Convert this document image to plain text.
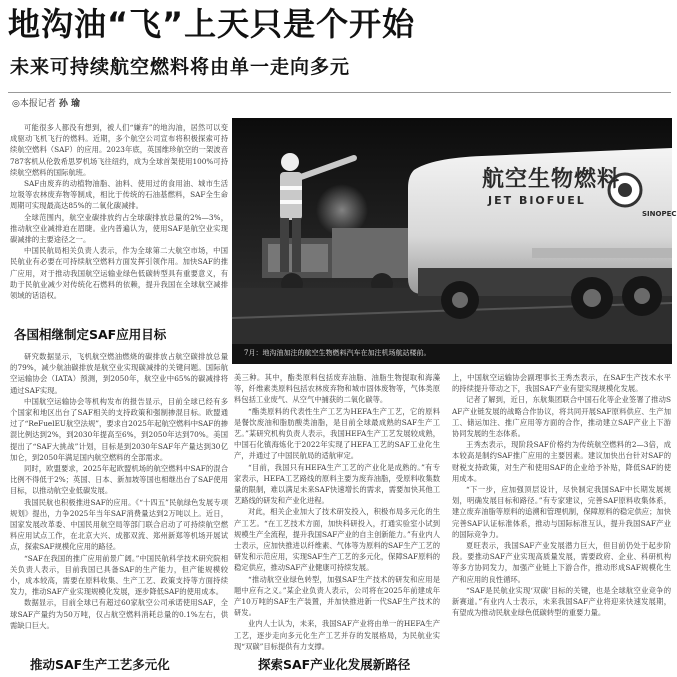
地沟油“飞”上天只是个开始
未来可持续航空燃料将由单一走向多元
◎本报记者 孙 瑜
航空生物燃料
JET BIOFUEL
SINOPEC
7月：地沟油加注的航空生物燃料汽车在加注机场航站楼前。

可能很多人都没有想到，被人们“嫌弃”的地沟油，居然可以变成驱动飞机飞行的燃料。近期，多个航空公司宣布将积极探索可持续航空燃料（SAF）的应用。2023年底，英国维珍航空的一架波音787客机从伦敦希思罗机场飞往纽约，成为全球首架使用100%可持续航空燃料的国际航班。

SAF由废弃的动植物油脂、油料、使用过的食用油、城市生活垃圾等农林废弃物等制成，相比于传统的石油基燃料，SAF全生命周期可实现最高达85%的二氧化碳减排。

全球范围内，航空业碳排放约占全球碳排放总量的2%—3%，推动航空业减排迫在眉睫。业内普遍认为，使用SAF是航空业实现碳减排的主要途径之一。

中国民航局相关负责人表示，作为全球第二大航空市场，中国民航业有必要在可持续航空燃料方面发挥引领作用。加快SAF的推广应用，对于推动我国航空运输业绿色低碳转型具有重要意义，有助于民航业减少对传统化石燃料的依赖，提升我国在全球航空减排领域的话语权。

各国相继制定SAF应用目标

研究数据显示，飞机航空燃油燃烧的碳排放占航空碳排放总量的79%，减少航油碳排放是航空业实现碳减排的关键问题。国际航空运输协会（IATA）预测，到2050年，航空业中65%的碳减排将通过SAF实现。

中国航空运输协会等机构发布的报告显示，目前全球已经有多个国家和地区出台了SAF相关的支持政策和强制掺混目标。欧盟通过了“ReFuelEU航空法规”，要求自2025年起航空燃料中SAF的掺混比例达到2%，到2030年提高至6%，到2050年达到70%。美国提出了“SAF大挑战”计划，目标是到2030年SAF年产量达到30亿加仑，到2050年满足国内航空燃料的全部需求。

同时，欧盟要求，2025年起欧盟机场的航空燃料中SAF的混合比例不得低于2%；英国、日本、新加坡等国也相继出台了SAF使用目标，以推动航空业低碳发展。

我国民航也积极推进SAF的应用。《“十四五”民航绿色发展专项规划》提出，力争2025年当年SAF消费量达到2万吨以上。近日，国家发展改革委、中国民用航空局等部门联合启动了可持续航空燃料应用试点工作，在北京大兴、成都双流、郑州新郑等机场开展试点，探索SAF规模化应用的路径。

“SAF在我国的推广应用前景广阔。”中国民航科学技术研究院相关负责人表示，目前我国已具备SAF的生产能力，但产能规模较小，成本较高，需要在原料收集、生产工艺、政策支持等方面持续发力，推动SAF产业实现规模化发展，逐步降低SAF的使用成本。

数据显示，目前全球已有超过60家航空公司承诺使用SAF，全球SAF产量约为50万吨，仅占航空燃料消耗总量的0.1%左右，供需缺口巨大。

美三种。其中，酯类原料包括废弃油脂、油脂生物提取和海藻等，纤维素类原料包括农林废弃物和城市固体废物等，气体类原料包括工业废气、从空气中捕获的二氧化碳等。

“酯类原料的代表性生产工艺为HEFA生产工艺，它的原料是餐饮废油和脂肪酸类油脂，是目前全球最成熟的SAF生产工艺。”某研究机构负责人表示，我国HEFA生产工艺发展较成熟，中国石化镇海炼化于2022年实现了HEFA工艺的SAF工业化生产，并通过了中国民航局的适航审定。

“目前，我国只有HEFA生产工艺的产业化是成熟的。”有专家表示，HEFA工艺路线的原料主要为废弃油脂，受原料收集数量的限制，难以满足未来SAF快速增长的需求，需要加快其他工艺路线的研发和产业化进程。

对此，相关企业加大了技术研发投入，积极布局多元化的生产工艺。“在工艺技术方面，加快科研投入，打通实验室小试到规模生产全流程，提升我国SAF产业的自主创新能力。”有业内人士表示，应加快推进以纤维素、气体等为原料的SAF生产工艺的研发和示范应用，实现SAF生产工艺的多元化，保障SAF原料的稳定供应，推动SAF产业健康可持续发展。

“推动航空业绿色转型，加强SAF生产技术的研发和应用是题中应有之义。”某企业负责人表示，公司将在2025年前建成年产10万吨的SAF生产装置，并加快推进新一代SAF生产技术的研发。

业内人士认为，未来，我国SAF产业将由单一的HEFA生产工艺，逐步走向多元化生产工艺并存的发展格局，为民航业实现“双碳”目标提供有力支撑。

上，中国航空运输协会副理事长王秀杰表示，在SAF生产技术水平的持续提升带动之下，我国SAF产业有望实现规模化发展。

记者了解到，近日，东航集团联合中国石化等企业签署了推动SAF产业链发展的战略合作协议，将共同开展SAF原料供应、生产加工、储运加注、推广应用等方面的合作，推动建立SAF产业上下游协同发展的生态体系。

王秀杰表示，现阶段SAF价格约为传统航空燃料的2—3倍，成本较高是制约SAF推广应用的主要因素。建议加快出台针对SAF的财税支持政策，对生产和使用SAF的企业给予补贴，降低SAF的使用成本。

“下一步，应加强顶层设计，尽快制定我国SAF中长期发展规划，明确发展目标和路径。”有专家建议，完善SAF原料收集体系，建立废弃油脂等原料的追溯和管理机制，保障原料的稳定供应；加快完善SAF认证标准体系，推动与国际标准互认，提升我国SAF产业的国际竞争力。

夏旺表示，我国SAF产业发展潜力巨大，但目前仍处于起步阶段。要推动SAF产业实现高质量发展，需要政府、企业、科研机构等多方协同发力，加强产业链上下游合作，推动形成SAF规模化生产和应用的良性循环。

“SAF是民航业实现‘双碳’目标的关键，也是全球航空业竞争的新赛道。”有业内人士表示，未来我国SAF产业将迎来快速发展期，有望成为推动民航业绿色低碳转型的重要力量。

推动SAF生产工艺多元化	探索SAF产业化发展新路径
